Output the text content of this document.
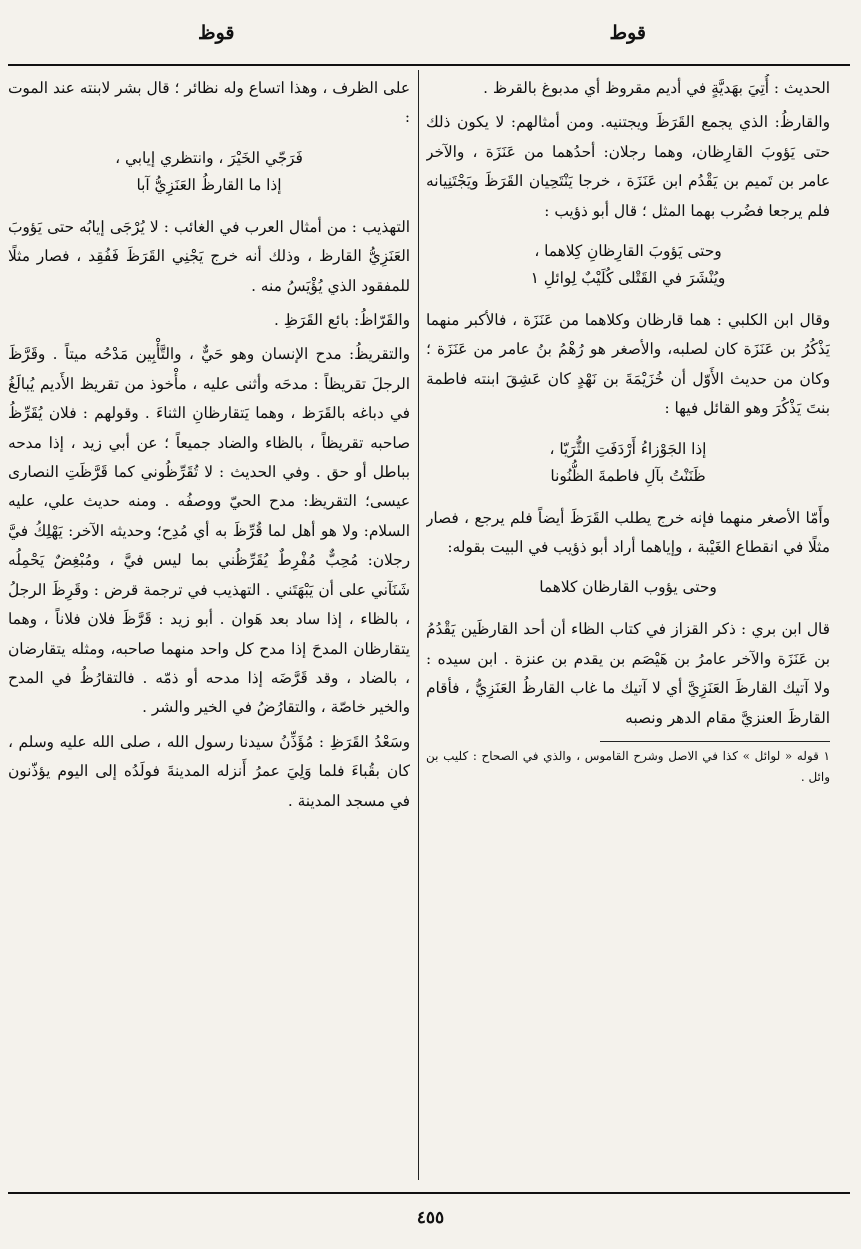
قوط
قوظ

الحديث : أُتِيَ بهَديَّةٍ في أديم مقروظ أي مدبوغ بالقرظ .

والقارظُ: الذي يجمع القَرَظَ ويجتنيه. ومن أمثالهم: لا يكون ذلك حتى يَؤوبَ القارِظان، وهما رجلان: أحدُهما من عَنَزَة ، والآخر عامر بن تَميم بن يَقْدُم ابن عَنَزَة ، خرجا يَنْتَحِيان القَرَظَ ويَجْتَنِيانه فلم يرجعا فضُرب بهما المثل ؛ قال أبو ذؤيب :

وحتى يَؤوبَ القارِظانِ كِلاهما ،
ويُنْشَرَ في القَتْلى كُلَيْبٌ لِوائلِ ١

وقال ابن الكلبي : هما قارظان وكلاهما من عَنَزَة ، فالأكبر منهما يَذْكُرُ بن عَنَزَة كان لصلبه، والأصغر هو رُهْمُ بنُ عامر من عَنَزَة ؛ وكان من حديث الأَوّل أن خُزَيْمَةَ بن نَهْدٍ كان عَشِقَ ابنته فاطمة بنتَ يَذْكُرَ وهو القائل فيها :

إذا الجَوْزاءُ أَرْدَفَتِ الثُّرَيّا ،
ظَنَنْتُ بآلِ فاطمةَ الظُّنُونا

وأَمّا الأصغر منهما فإنه خرج يطلب القَرَظَ أيضاً فلم يرجع ، فصار مثلًا في انقطاع الغَيْبة ، وإياهما أراد أبو ذؤيب في البيت بقوله:

وحتى يؤوب القارظان كلاهما

قال ابن بري : ذكر القزاز في كتاب الظاء أن أحد القارظَين يَقْدُمُ بن عَنَزَة والآخر عامرُ بن هَيْصَم بن يقدم بن عنزة . ابن سيده : ولا آتيك القارظَ العَنَزِيَّ أي لا آتيك ما غاب القارظُ العَنَزِيُّ ، فأقام القارظَ العنزيَّ مقام الدهر ونصبه

١ قوله « لوائل » كذا في الاصل وشرح القاموس ، والذي في الصحاح : كليب بن وائل .

على الظرف ، وهذا اتساع وله نظائر ؛ قال بشر لابنته عند الموت :

فَرَجّي الخَيْرَ ، وانتظري إيابي ،
إذا ما القارظُ العَنَزِيُّ آبا

التهذيب : من أمثال العرب في الغائب : لا يُرْجَى إيابُه حتى يَؤوبَ العَنَزِيُّ القارظ ، وذلك أنه خرج يَجْنِي القَرَظَ فَفُقِد ، فصار مثلًا للمفقود الذي يُؤْيَسُ منه .

والقَرّاظُ: بائع القَرَظِ .

والتقريظُ: مدح الإنسان وهو حَيٌّ ، والتَّأْبِين مَدْحُه ميتاً . وقَرَّظَ الرجلَ تقريظاً : مدحَه وأثنى عليه ، مأْخوذ من تقريظ الأَديم يُبالَغُ في دباغه بالقَرَظ ، وهما يَتقارظانِ الثناءَ . وقولهم : فلان يُقَرِّظُ صاحبه تقريظاً ، بالظاء والضاد جميعاً ؛ عن أبي زيد ، إذا مدحه بباطل أو حق . وفي الحديث : لا تُقَرِّظُوني كما قَرَّظَتِ النصارى عيسى؛ التقريظ: مدح الحيّ ووصفُه . ومنه حديث علي، عليه السلام: ولا هو أهل لما قُرِّظَ به أي مُدِح؛ وحديثه الآخر: يَهْلِكُ فيَّ رجلان: مُحِبٌّ مُفْرِطٌ يُقَرِّظُني بما ليس فيَّ ، ومُبْغِضٌ يَحْمِلُه شَنَآني على أن يَبْهَتَني . التهذيب في ترجمة قرض : وقَرِظَ الرجلُ ، بالظاء ، إذا ساد بعد هَوان . أبو زيد : قَرَّظَ فلان فلاناً ، وهما يتقارظان المدحَ إذا مدح كل واحد منهما صاحبه، ومثله يتقارضان ، بالضاد ، وقد قَرَّضَه إذا مدحه أو ذمّه . فالتقارُظُ في المدح والخير خاصّة ، والتقارُضُ في الخير والشر .

وسَعْدُ القَرَظِ : مُؤَذِّنُ سيدنا رسول الله ، صلى الله عليه وسلم ، كان بقُباءَ فلما وَلِيَ عمرُ أَنزله المدينةَ فولَدُه إلى اليوم يؤذّنون في مسجد المدينة .

٤٥٥
